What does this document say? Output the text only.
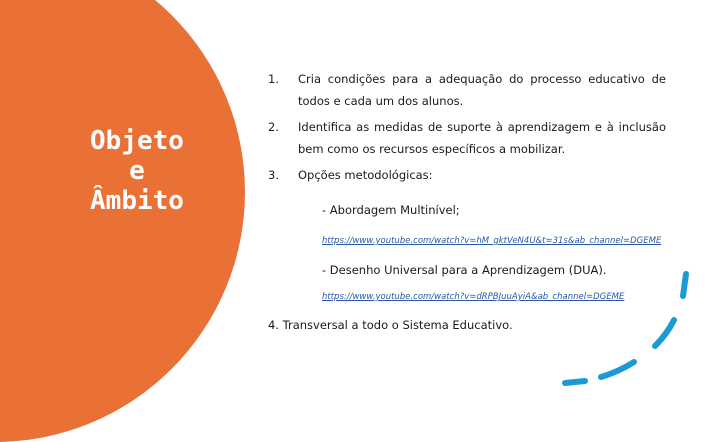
Objeto
e
Âmbito
1. Cria condições para a adequação do processo educativo de todos e cada um dos alunos.
2. Identifica as medidas de suporte à aprendizagem e à inclusão bem como os recursos específicos a mobilizar.
3. Opções metodológicas:
- Abordagem Multinível;
https://www.youtube.com/watch?v=hM_gktVeN4U&t=31s&ab_channel=DGEME
- Desenho Universal para a Aprendizagem (DUA).
https://www.youtube.com/watch?v=dRPBJuuAyiA&ab_channel=DGEME
4. Transversal a todo o Sistema Educativo.
